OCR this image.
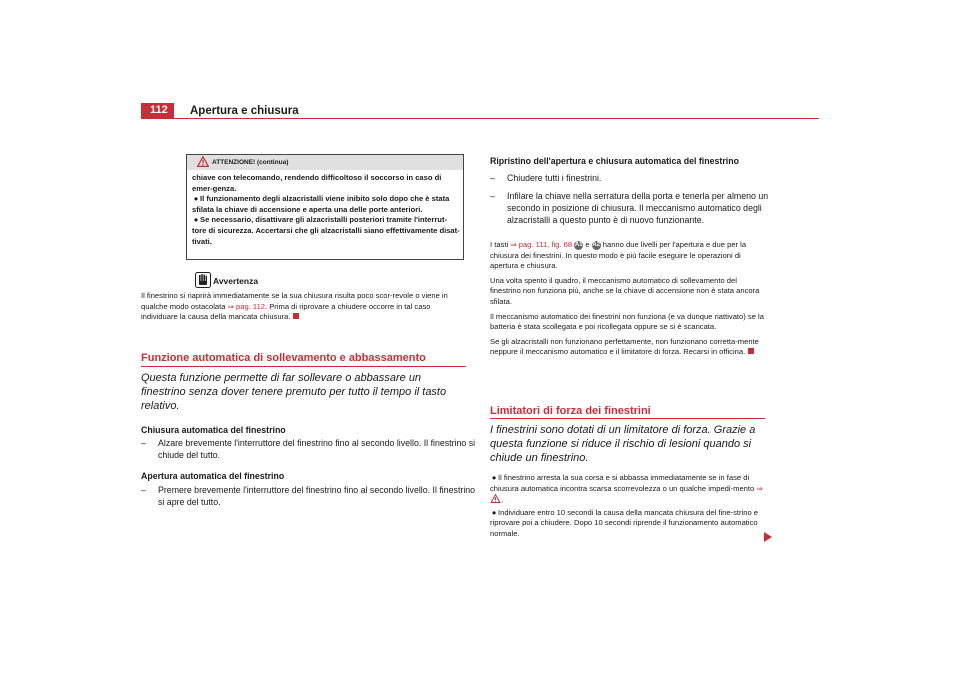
112	Apertura e chiusura
ATTENZIONE! (continua)

chiave con telecomando, rendendo difficoltoso il soccorso in caso di emer-genza.

● Il funzionamento degli alzacristalli viene inibito solo dopo che è stata sfilata la chiave di accensione e aperta una delle porte anteriori.

● Se necessario, disattivare gli alzacristalli posteriori tramite l'interrut-tore di sicurezza. Accertarsi che gli alzacristalli siano effettivamente disat-tivati.

Avvertenza

Il finestrino si riaprirà immediatamente se la sua chiusura risulta poco scor-revole o viene in qualche modo ostacolata ⇒ pag. 112. Prima di riprovare a chiudere occorre in tal caso individuare la causa della mancata chiusura.

Funzione automatica di sollevamento e abbassamento
Questa funzione permette di far sollevare o abbassare un finestrino senza dover tenere premuto per tutto il tempo il tasto relativo.
Chiusura automatica del finestrino
– Alzare brevemente l'interruttore del finestrino fino al secondo livello. Il finestrino si chiude del tutto.
Apertura automatica del finestrino
– Premere brevemente l'interruttore del finestrino fino al secondo livello. Il finestrino si apre del tutto.
Ripristino dell'apertura e chiusura automatica del finestrino
– Chiudere tutti i finestrini.
– Infilare la chiave nella serratura della porta e tenerla per almeno un secondo in posizione di chiusura. Il meccanismo automatico degli alzacristalli a questo punto è di nuovo funzionante.

I tasti ⇒ pag. 111, fig. 68 A1 e A2 hanno due livelli per l'apertura e due per la chiusura dei finestrini. In questo modo è più facile eseguire le operazioni di apertura e chiusura.

Una volta spento il quadro, il meccanismo automatico di sollevamento del finestrino non funziona più, anche se la chiave di accensione non è stata ancora sfilata.

Il meccanismo automatico dei finestrini non funziona (e va dunque riattivato) se la batteria è stata scollegata e poi ricollegata oppure se si è scaricata.

Se gli alzacristalli non funzionano perfettamente, non funzionano corretta-mente neppure il meccanismo automatico e il limitatore di forza. Recarsi in officina.

Limitatori di forza dei finestrini
I finestrini sono dotati di un limitatore di forza. Grazie a questa funzione si riduce il rischio di lesioni quando si chiude un finestrino.

● Il finestrino arresta la sua corsa e si abbassa immediatamente se in fase di chiusura automatica incontra scarsa scorrevolezza o un qualche impedi-mento ⇒ .

● Individuare entro 10 secondi la causa della mancata chiusura del fine-strino e riprovare poi a chiudere. Dopo 10 secondi riprende il funzionamento automatico normale.
